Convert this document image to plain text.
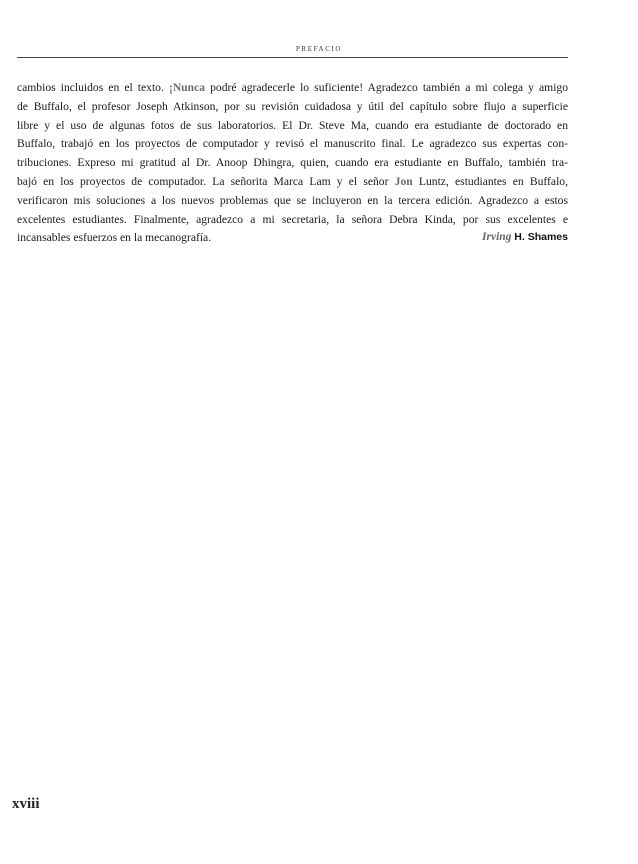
PREFACIO
cambios incluidos en el texto. ¡Nunca podré agradecerle lo suficiente! Agradezco también a mi colega y amigo
de Buffalo, el profesor Joseph Atkinson, por su revisión cuidadosa y útil del capítulo sobre flujo a superficie
libre y el uso de algunas fotos de sus laboratorios. El Dr. Steve Ma, cuando era estudiante de doctorado en
Buffalo, trabajó en los proyectos de computador y revisó el manuscrito final. Le agradezco sus expertas con-
tribuciones. Expreso mi gratitud al Dr. Anoop Dhingra, quien, cuando era estudiante en Buffalo, también tra-
bajó en los proyectos de computador. La señorita Marca Lam y el señor Jon Luntz, estudiantes en Buffalo,
verificaron mis soluciones a los nuevos problemas que se incluyeron en la tercera edición. Agradezco a estos
excelentes estudiantes. Finalmente, agradezco a mi secretaria, la señora Debra Kinda, por sus excelentes e
incansables esfuerzos en la mecanografía.	Irving H. Shames
xviii
